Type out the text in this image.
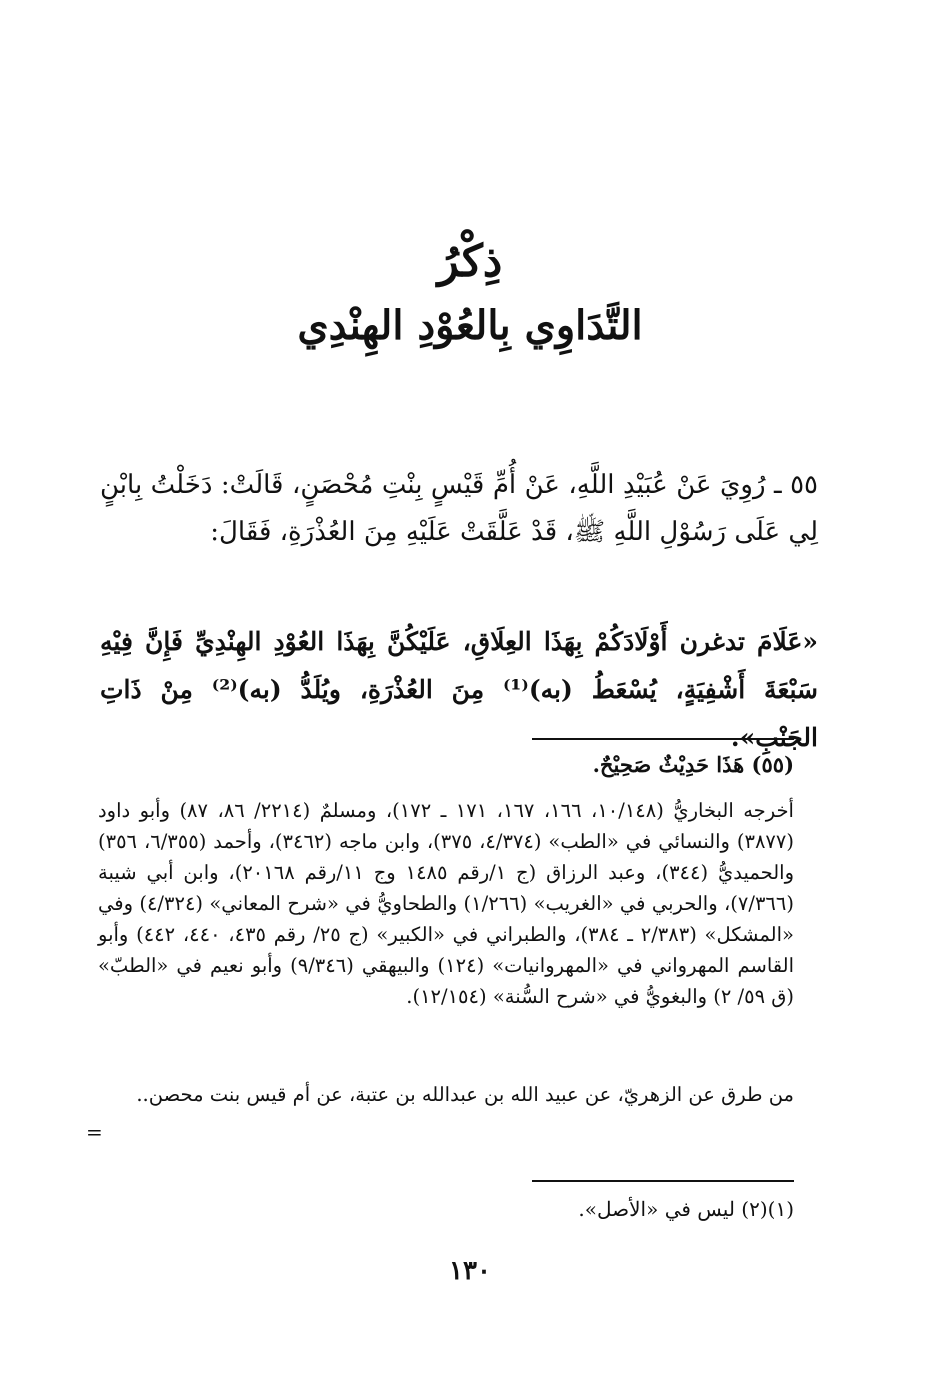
ذِكْرُ
التَّدَاوِي بِالعُوْدِ الهِنْدِي

٥٥ ـ رُوِيَ عَنْ عُبَيْدِ اللَّهِ، عَنْ أُمِّ قَيْسٍ بِنْتِ مُحْصَنٍ، قَالَتْ: دَخَلْتُ بِابْنٍ لِي عَلَى رَسُوْلِ اللَّهِ ﷺ، قَدْ عَلَّقَتْ عَلَيْهِ مِنَ العُذْرَةِ، فَقَالَ:

«عَلَامَ تدغرن أَوْلَادَكُمْ بِهَذَا العِلَاقِ، عَلَيْكُنَّ بِهَذَا العُوْدِ الهِنْدِيِّ فَإِنَّ فِيْهِ سَبْعَةَ أَشْفِيَةٍ، يُسْعَطُ (به)⁽¹⁾ مِنَ العُذْرَةِ، ويُلَدُّ (به)⁽²⁾ مِنْ ذَاتِ الجَنْبِ».

(٥٥) هَذَا حَدِيْثٌ صَحِيْحٌ.

أخرجه البخاريُّ (١٠/١٤٨، ١٦٦، ١٦٧، ١٧١ ـ ١٧٢)، ومسلمٌ (٢٢١٤/ ٨٦، ٨٧) وأبو داود (٣٨٧٧) والنسائي في «الطب» (٤/٣٧٤، ٣٧٥)، وابن ماجه (٣٤٦٢)، وأحمد (٦/٣٥٥، ٣٥٦) والحميديُّ (٣٤٤)، وعبد الرزاق (ج ١/رقم ١٤٨٥ وج ١١/رقم ٢٠١٦٨)، وابن أبي شيبة (٧/٣٦٦)، والحربي في «الغريب» (١/٢٦٦) والطحاويُّ في «شرح المعاني» (٤/٣٢٤) وفي «المشكل» (٢/٣٨٣ ـ ٣٨٤)، والطبراني في «الكبير» (ج ٢٥/ رقم ٤٣٥، ٤٤٠، ٤٤٢) وأبو القاسم المهرواني في «المهروانيات» (١٢٤) والبيهقي (٩/٣٤٦) وأبو نعيم في «الطبّ» (ق ٥٩/ ٢) والبغويُّ في «شرح السُّنة» (١٢/١٥٤).

من طرق عن الزهريّ، عن عبيد الله بن عبدالله بن عتبة، عن أم قيس بنت محصن..

=
(١)(٢) ليس في «الأصل».
١٣٠
